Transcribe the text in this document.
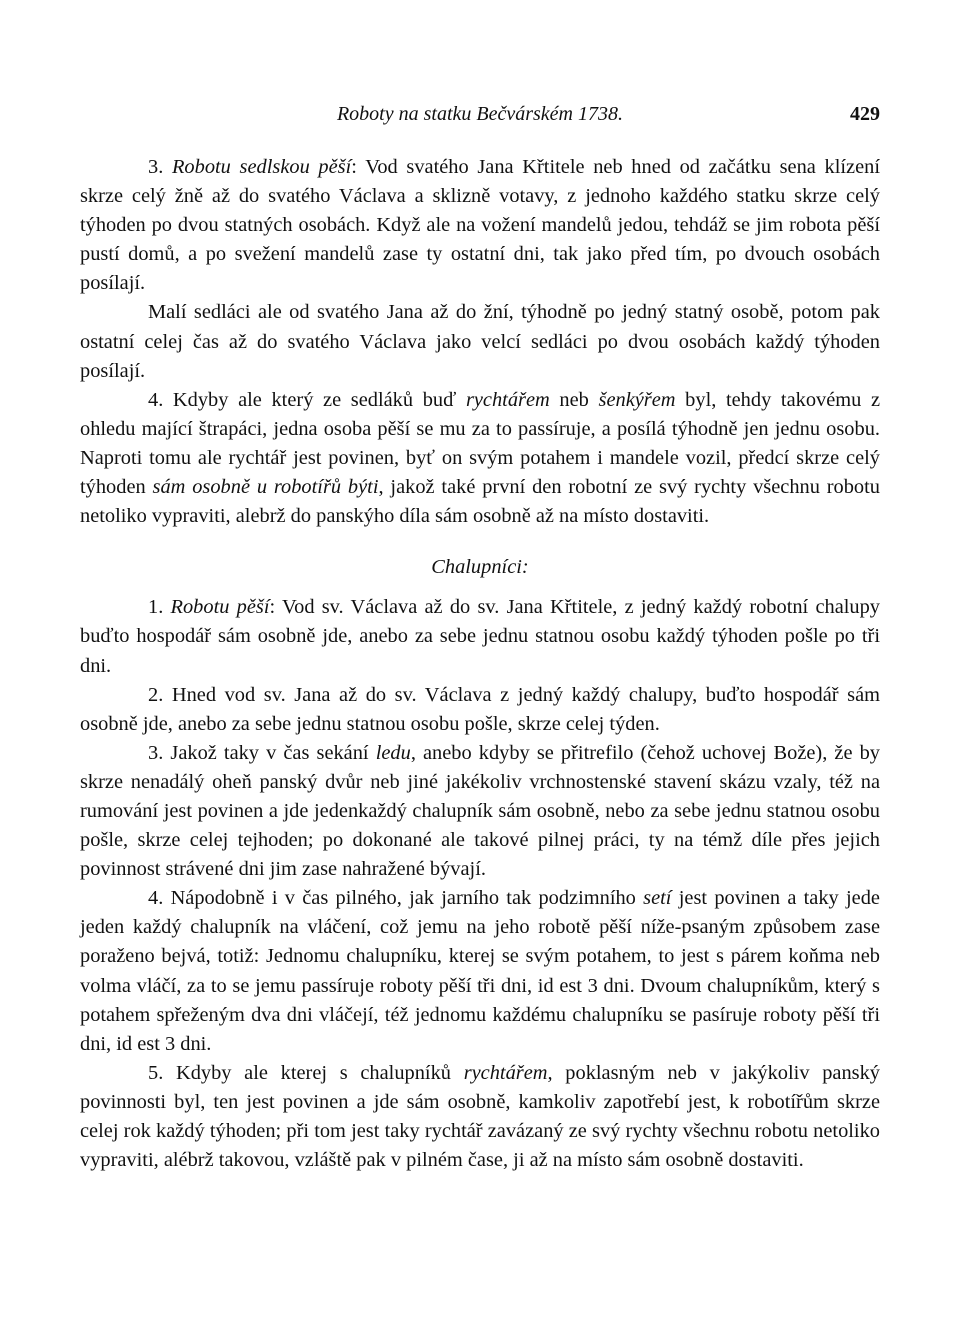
Roboty na statku Bečvárském 1738.	429

3. Robotu sedlskou pěší: Vod svatého Jana Křtitele neb hned od začátku sena klízení skrze celý žně až do svatého Václava a sklizně votavy, z jednoho každého statku skrze celý týhoden po dvou statných osobách. Když ale na vožení mandelů jedou, tehdáž se jim robota pěší pustí domů, a po svežení mandelů zase ty ostatní dni, tak jako před tím, po dvouch osobách posílají.

Malí sedláci ale od svatého Jana až do žní, týhodně po jedný statný osobě, potom pak ostatní celej čas až do svatého Václava jako velcí sedláci po dvou osobách každý týhoden posílají.

4. Kdyby ale který ze sedláků buď rychtářem neb šenkýřem byl, tehdy takovému z ohledu mající štrapáci, jedna osoba pěší se mu za to passíruje, a posílá týhodně jen jednu osobu. Naproti tomu ale rychtář jest povinen, byť on svým potahem i mandele vozil, předcí skrze celý týhoden sám osobně u robotířů býti, jakož také první den robotní ze svý rychty všechnu robotu netoliko vypraviti, alebrž do panskýho díla sám osobně až na místo dostaviti.

Chalupníci:

1. Robotu pěší: Vod sv. Václava až do sv. Jana Křtitele, z jedný každý robotní chalupy buďto hospodář sám osobně jde, anebo za sebe jednu statnou osobu každý týhoden pošle po tři dni.

2. Hned vod sv. Jana až do sv. Václava z jedný každý chalupy, buďto hospodář sám osobně jde, anebo za sebe jednu statnou osobu pošle, skrze celej týden.

3. Jakož taky v čas sekání ledu, anebo kdyby se přitrefilo (čehož uchovej Bože), že by skrze nenadálý oheň panský dvůr neb jiné jakékoliv vrchnostenské stavení skázu vzaly, též na rumování jest povinen a jde jedenkaždý chalupník sám osobně, nebo za sebe jednu statnou osobu pošle, skrze celej tejhoden; po dokonané ale takové pilnej práci, ty na témž díle přes jejich povinnost strávené dni jim zase nahražené bývají.

4. Nápodobně i v čas pilného, jak jarního tak podzimního setí jest povinen a taky jede jeden každý chalupník na vláčení, což jemu na jeho robotě pěší níže-psaným způsobem zase poraženo bejvá, totiž: Jednomu chalupníku, kterej se svým potahem, to jest s párem koňma neb volma vláčí, za to se jemu passíruje roboty pěší tři dni, id est 3 dni. Dvoum chalupníkům, který s potahem spřeženým dva dni vláčejí, též jednomu každému chalupníku se pasíruje roboty pěší tři dni, id est 3 dni.

5. Kdyby ale kterej s chalupníků rychtářem, poklasným neb v jakýkoliv panský povinnosti byl, ten jest povinen a jde sám osobně, kamkoliv zapotřebí jest, k robotířům skrze celej rok každý týhoden; při tom jest taky rychtář zavázaný ze svý rychty všechnu robotu netoliko vypraviti, alébrž takovou, vzláště pak v pilném čase, ji až na místo sám osobně dostaviti.
